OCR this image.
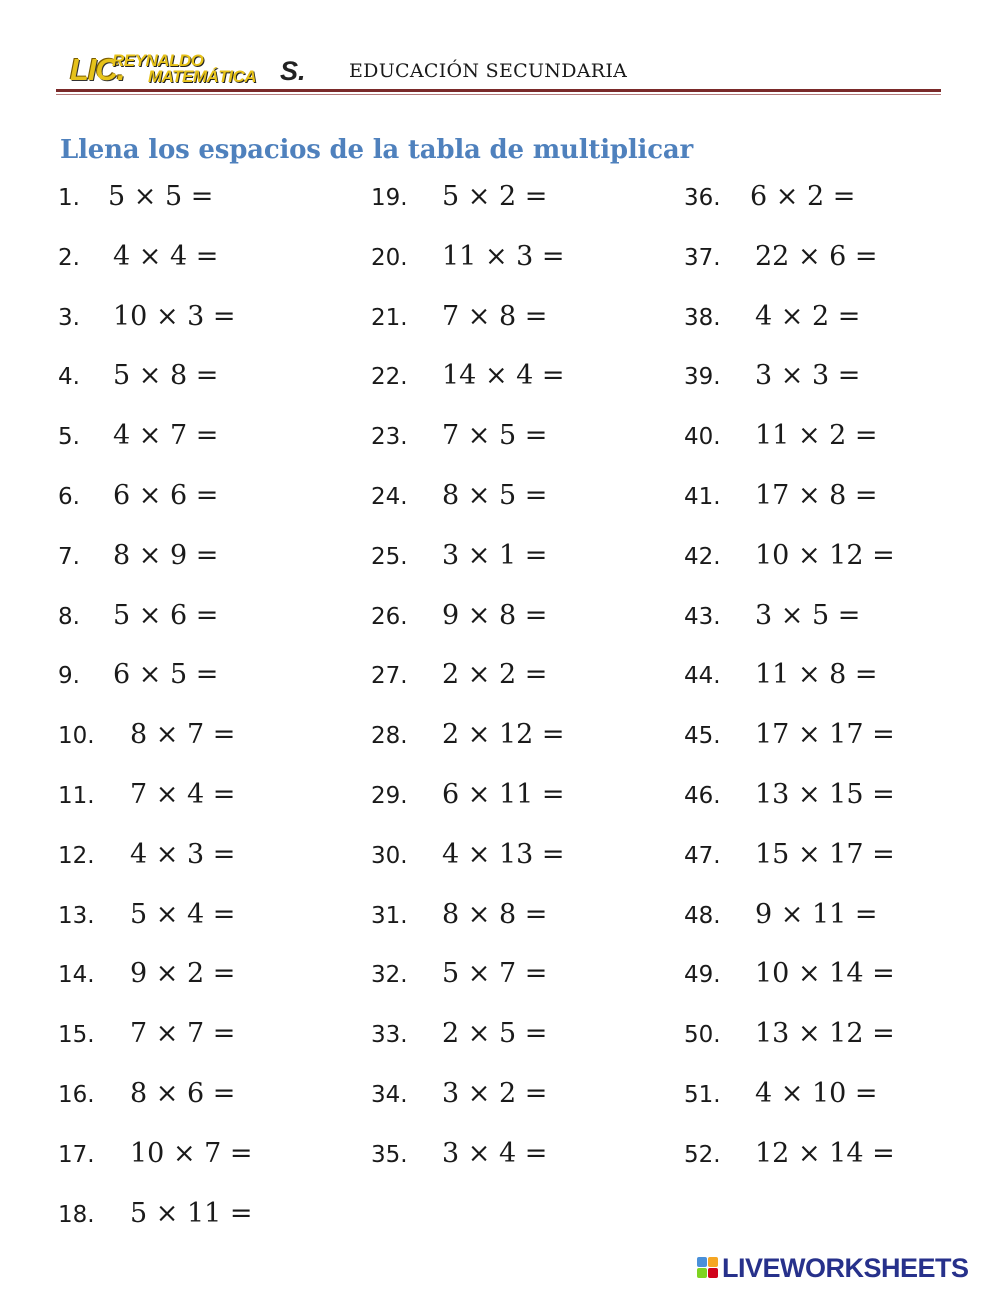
LIC.
REYNALDO
MATEMÁTICA S. EDUCACIÓN SECUNDARIA
Llena los espacios de la tabla de multiplicar
1. 5 × 5 =
2. 4 × 4 =
3. 10 × 3 =
4. 5 × 8 =
5. 4 × 7 =
6. 6 × 6 =
7. 8 × 9 =
8. 5 × 6 =
9. 6 × 5 =
10. 8 × 7 =
11. 7 × 4 =
12. 4 × 3 =
13. 5 × 4 =
14. 9 × 2 =
15. 7 × 7 =
16. 8 × 6 =
17. 10 × 7 =
18. 5 × 11 =
19. 5 × 2 =
20. 11 × 3 =
21. 7 × 8 =
22. 14 × 4 =
23. 7 × 5 =
24. 8 × 5 =
25. 3 × 1 =
26. 9 × 8 =
27. 2 × 2 =
28. 2 × 12 =
29. 6 × 11 =
30. 4 × 13 =
31. 8 × 8 =
32. 5 × 7 =
33. 2 × 5 =
34. 3 × 2 =
35. 3 × 4 =
36. 6 × 2 =
37. 22 × 6 =
38. 4 × 2 =
39. 3 × 3 =
40. 11 × 2 =
41. 17 × 8 =
42. 10 × 12 =
43. 3 × 5 =
44. 11 × 8 =
45. 17 × 17 =
46. 13 × 15 =
47. 15 × 17 =
48. 9 × 11 =
49. 10 × 14 =
50. 13 × 12 =
51. 4 × 10 =
52. 12 × 14 =
LIVEWORKSHEETS
